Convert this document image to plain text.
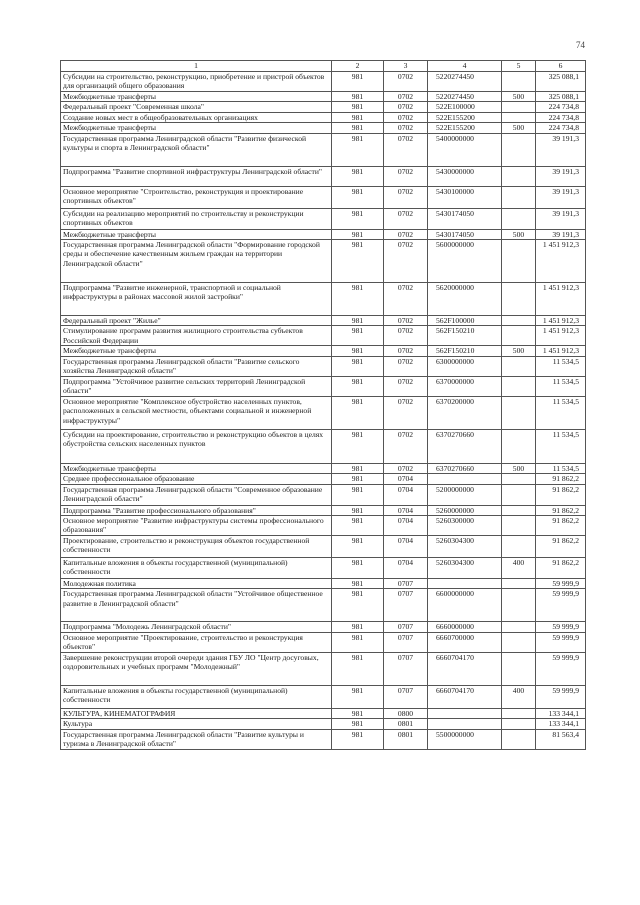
74
1	2	3	4	5	6
Субсидии на строительство, реконструкцию, приобретение и пристрой объектов для организаций общего образования	981	0702	5220274450		325 088,1
Межбюджетные трансферты	981	0702	5220274450	500	325 088,1
Федеральный проект "Современная школа"	981	0702	522E100000		224 734,8
Создание новых мест в общеобразовательных организациях	981	0702	522E155200		224 734,8
Межбюджетные трансферты	981	0702	522E155200	500	224 734,8
Государственная программа Ленинградской области "Развитие физической культуры и спорта в Ленинградской области"	981	0702	5400000000		39 191,3
Подпрограмма "Развитие спортивной инфраструктуры Ленинградской области"	981	0702	5430000000		39 191,3
Основное мероприятие "Строительство, реконструкция и проектирование спортивных объектов"	981	0702	5430100000		39 191,3
Субсидии на реализацию мероприятий по строительству и реконструкции спортивных объектов	981	0702	5430174050		39 191,3
Межбюджетные трансферты	981	0702	5430174050	500	39 191,3
Государственная программа Ленинградской области "Формирование городской среды и обеспечение качественным жильем граждан на территории Ленинградской области"	981	0702	5600000000		1 451 912,3
Подпрограмма "Развитие инженерной, транспортной и социальной инфраструктуры в районах массовой жилой застройки"	981	0702	5620000000		1 451 912,3
Федеральный проект "Жилье"	981	0702	562F100000		1 451 912,3
Стимулирование программ развития жилищного строительства субъектов Российской Федерации	981	0702	562F150210		1 451 912,3
Межбюджетные трансферты	981	0702	562F150210	500	1 451 912,3
Государственная программа Ленинградской области "Развитие сельского хозяйства Ленинградской области"	981	0702	6300000000		11 534,5
Подпрограмма "Устойчивое развитие сельских территорий Ленинградской области"	981	0702	6370000000		11 534,5
Основное мероприятие "Комплексное обустройство населенных пунктов, расположенных в сельской местности, объектами социальной и инженерной инфраструктуры"	981	0702	6370200000		11 534,5
Субсидии на проектирование, строительство и реконструкцию объектов в целях обустройства сельских населенных пунктов	981	0702	6370270660		11 534,5
Межбюджетные трансферты	981	0702	6370270660	500	11 534,5
Среднее профессиональное образование	981	0704			91 862,2
Государственная программа Ленинградской области "Современное образование Ленинградской области"	981	0704	5200000000		91 862,2
Подпрограмма "Развитие профессионального образования"	981	0704	5260000000		91 862,2
Основное мероприятие "Развитие инфраструктуры системы профессионального образования"	981	0704	5260300000		91 862,2
Проектирование, строительство и реконструкция объектов государственной собственности	981	0704	5260304300		91 862,2
Капитальные вложения в объекты государственной (муниципальной) собственности	981	0704	5260304300	400	91 862,2
Молодежная политика	981	0707			59 999,9
Государственная программа Ленинградской области "Устойчивое общественное развитие в Ленинградской области"	981	0707	6600000000		59 999,9
Подпрограмма "Молодежь Ленинградской области"	981	0707	6660000000		59 999,9
Основное мероприятие "Проектирование, строительство и реконструкция объектов"	981	0707	6660700000		59 999,9
Завершение реконструкции второй очереди здания ГБУ ЛО "Центр досуговых, оздоровительных и учебных программ "Молодежный"	981	0707	6660704170		59 999,9
Капитальные вложения в объекты государственной (муниципальной) собственности	981	0707	6660704170	400	59 999,9
КУЛЬТУРА, КИНЕМАТОГРАФИЯ	981	0800			133 344,1
Культура	981	0801			133 344,1
Государственная программа Ленинградской области "Развитие культуры и туризма в Ленинградской области"	981	0801	5500000000		81 563,4
